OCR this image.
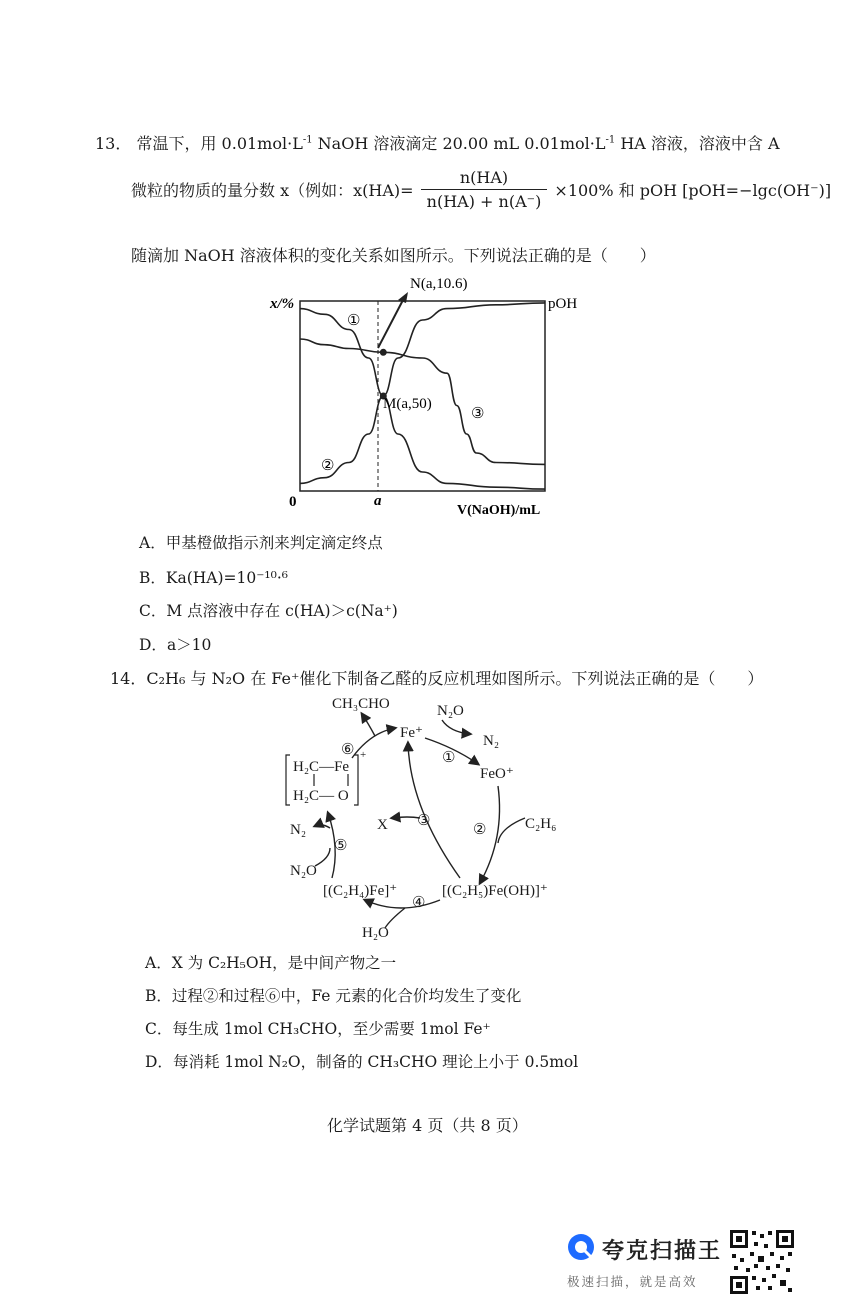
13． 常温下，用 $0.01mol\cdot L^{-1}$ NaOH 溶液滴定 20.00 mL $0.01mol\cdot L^{-1}$ HA 溶液，溶液中含 A
微粒的物质的量分数 x（例如：$x(HA)= \frac{n(HA)}{n(HA) + n(A^-)} \times 100\%$ 和 pOH [pOH=−lgc(OH⁻)]
随滴加 NaOH 溶液体积的变化关系如图所示。下列说法正确的是（　　）
x/%	pOH
0	a
V(NaOH)/mL
①
②
③
N(a,10.6)
M(a,50)
A．甲基橙做指示剂来判定滴定终点
B．Ka(HA)=10⁻¹⁰·⁶
C．M 点溶液中存在 c(HA)＞c(Na⁺)
D．a＞10
14．C₂H₆ 与 N₂O 在 Fe⁺催化下制备乙醛的反应机理如图所示。下列说法正确的是（　　）
CH₃CHO
Fe⁺
N₂O
N₂
FeO⁺
C₂H₆
X
[(C₂H₅)Fe(OH)]⁺
[(C₂H₄)Fe]⁺
H₂O
N₂
N₂O
H₂C—Fe
H₂C— O
+
⑥	①
②
③
④
⑤
A．X 为 C₂H₅OH，是中间产物之一
B．过程②和过程⑥中，Fe 元素的化合价均发生了变化
C．每生成 1mol CH₃CHO，至少需要 1mol Fe⁺
D．每消耗 1mol N₂O，制备的 CH₃CHO 理论上小于 0.5mol
化学试题第 4 页（共 8 页）
夸克扫描王
极速扫描，就是高效
